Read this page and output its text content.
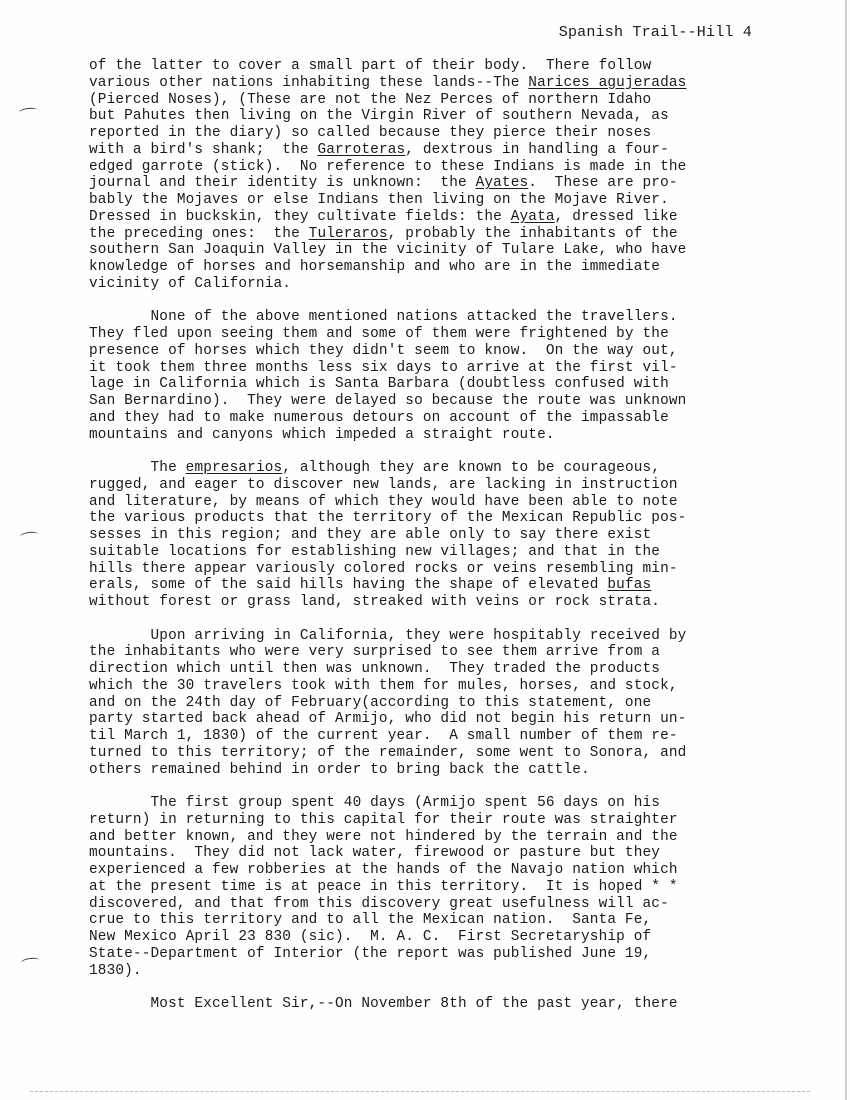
Spanish Trail--Hill 4
of the latter to cover a small part of their body.  There follow
various other nations inhabiting these lands--The Narices agujeradas
(Pierced Noses), (These are not the Nez Perces of northern Idaho
but Pahutes then living on the Virgin River of southern Nevada, as
reported in the diary) so called because they pierce their noses
with a bird's shank;  the Garroteras, dextrous in handling a four-
edged garrote (stick).  No reference to these Indians is made in the
journal and their identity is unknown:  the Ayates.  These are pro-
bably the Mojaves or else Indians then living on the Mojave River.
Dressed in buckskin, they cultivate fields: the Ayata, dressed like
the preceding ones:  the Tuleraros, probably the inhabitants of the
southern San Joaquin Valley in the vicinity of Tulare Lake, who have
knowledge of horses and horsemanship and who are in the immediate
vicinity of California.
None of the above mentioned nations attacked the travellers.
They fled upon seeing them and some of them were frightened by the
presence of horses which they didn't seem to know.  On the way out,
it took them three months less six days to arrive at the first vil-
lage in California which is Santa Barbara (doubtless confused with
San Bernardino).  They were delayed so because the route was unknown
and they had to make numerous detours on account of the impassable
mountains and canyons which impeded a straight route.
The empresarios, although they are known to be courageous,
rugged, and eager to discover new lands, are lacking in instruction
and literature, by means of which they would have been able to note
the various products that the territory of the Mexican Republic pos-
sesses in this region; and they are able only to say there exist
suitable locations for establishing new villages; and that in the
hills there appear variously colored rocks or veins resembling min-
erals, some of the said hills having the shape of elevated bufas
without forest or grass land, streaked with veins or rock strata.
Upon arriving in California, they were hospitably received by
the inhabitants who were very surprised to see them arrive from a
direction which until then was unknown.  They traded the products
which the 30 travelers took with them for mules, horses, and stock,
and on the 24th day of February(according to this statement, one
party started back ahead of Armijo, who did not begin his return un-
til March 1, 1830) of the current year.  A small number of them re-
turned to this territory; of the remainder, some went to Sonora, and
others remained behind in order to bring back the cattle.
The first group spent 40 days (Armijo spent 56 days on his
return) in returning to this capital for their route was straighter
and better known, and they were not hindered by the terrain and the
mountains.  They did not lack water, firewood or pasture but they
experienced a few robberies at the hands of the Navajo nation which
at the present time is at peace in this territory.  It is hoped * *
discovered, and that from this discovery great usefulness will ac-
crue to this territory and to all the Mexican nation.  Santa Fe,
New Mexico April 23 830 (sic).  M. A. C.  First Secretaryship of
State--Department of Interior (the report was published June 19,
1830).
Most Excellent Sir,--On November 8th of the past year, there
